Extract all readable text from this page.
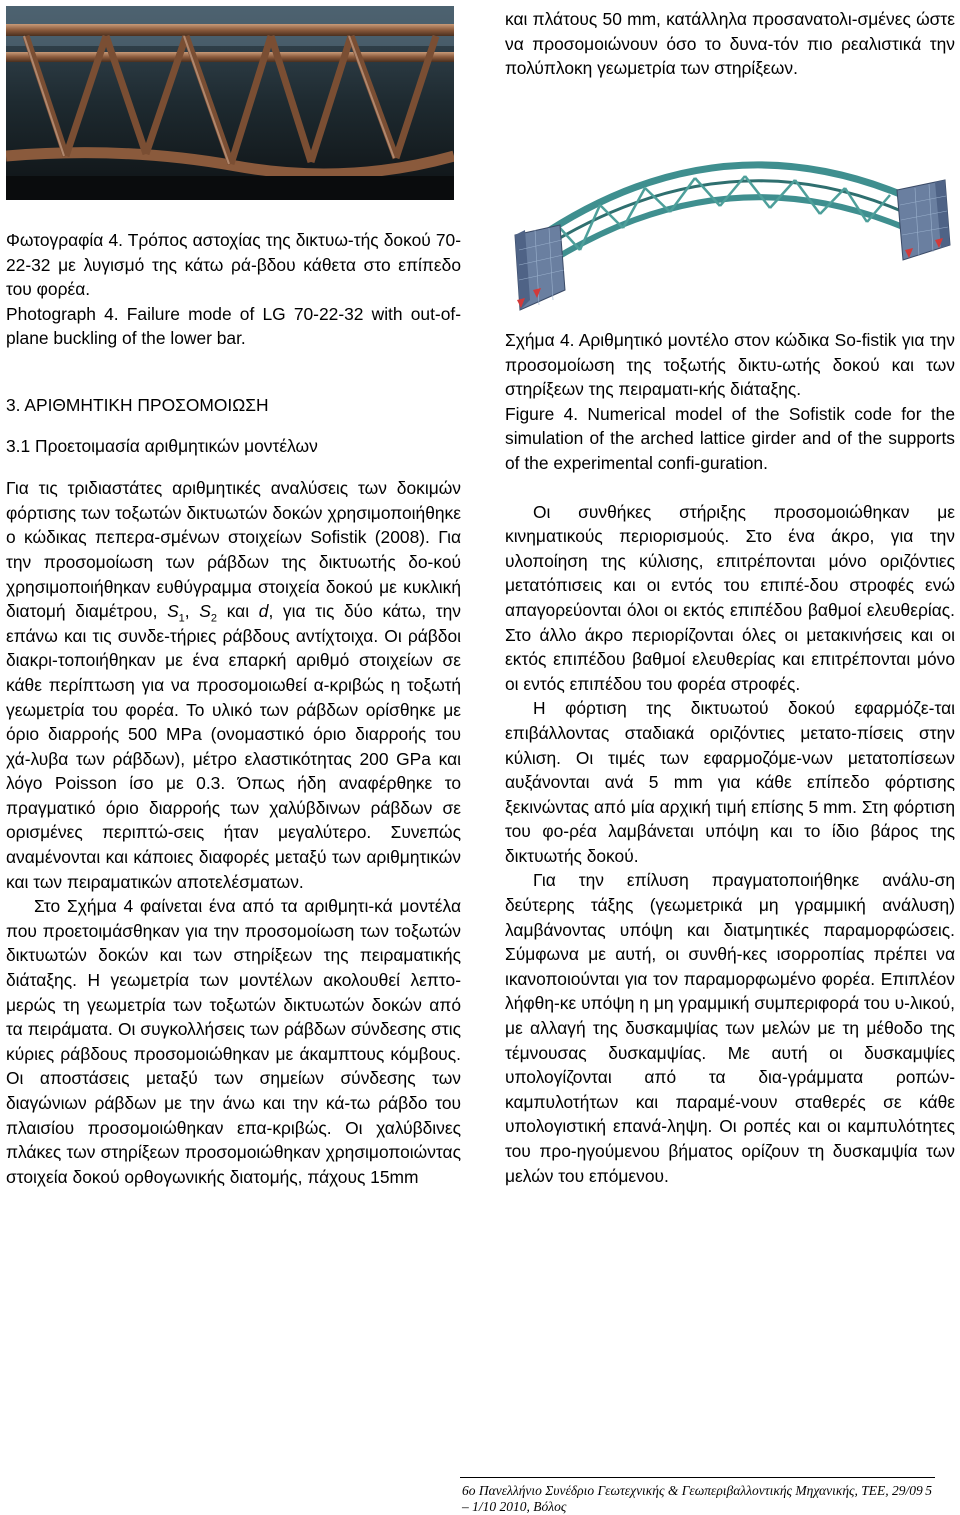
Φωτογραφία 4. Τρόπος αστοχίας της δικτυω-τής δοκού 70-22-32 με λυγισμό της κάτω ρά-βδου κάθετα στο επίπεδο του φορέα.

Photograph 4. Failure mode of LG 70-22-32 with out-of-plane buckling of the lower bar.

3. ΑΡΙΘΜΗΤΙΚΗ ΠΡΟΣΟΜΟΙΩΣΗ

3.1 Προετοιμασία αριθμητικών μοντέλων

Για τις τριδιαστάτες αριθμητικές αναλύσεις των δοκιμών φόρτισης των τοξωτών δικτυωτών δοκών χρησιμοποιήθηκε ο κώδικας πεπερα-σμένων στοιχείων Sofistik (2008). Για την προσομοίωση των ράβδων της δικτυωτής δο-κού χρησιμοποιήθηκαν ευθύγραμμα στοιχεία δοκού με κυκλική διατομή διαμέτρου, $S_1$, $S_2$ και d, για τις δύο κάτω, την επάνω και τις συνδε-τήριες ράβδους αντίχτοιχα. Οι ράβδοι διακρι-τοποιήθηκαν με ένα επαρκή αριθμό στοιχείων σε κάθε περίπτωση για να προσομοιωθεί α-κριβώς η τοξωτή γεωμετρία του φορέα. Το υλικό των ράβδων ορίσθηκε με όριο διαρροής 500 MPa (ονομαστικό όριο διαρροής του χά-λυβα των ράβδων), μέτρο ελαστικότητας 200 GPa και λόγο Poisson ίσο με 0.3. Όπως ήδη αναφέρθηκε το πραγματικό όριο διαρροής των χαλύβδινων ράβδων σε ορισμένες περιπτώ-σεις ήταν μεγαλύτερο. Συνεπώς αναμένονται και κάποιες διαφορές μεταξύ των αριθμητικών και των πειραματικών αποτελέσματων.

Στο Σχήμα 4 φαίνεται ένα από τα αριθμητι-κά μοντέλα που προετοιμάσθηκαν για την προσομοίωση των τοξωτών δικτυωτών δοκών και των στηρίξεων της πειραματικής διάταξης. Η γεωμετρία των μοντέλων ακολουθεί λεπτο-μερώς τη γεωμετρία των τοξωτών δικτυωτών δοκών από τα πειράματα. Οι συγκολλήσεις των ράβδων σύνδεσης στις κύριες ράβδους προσομοιώθηκαν με άκαμπτους κόμβους. Οι αποστάσεις μεταξύ των σημείων σύνδεσης των διαγώνιων ράβδων με την άνω και την κά-τω ράβδο του πλαισίου προσομοιώθηκαν επα-κριβώς. Οι χαλύβδινες πλάκες των στηρίξεων προσομοιώθηκαν χρησιμοποιώντας στοιχεία δοκού ορθογωνικής διατομής, πάχους 15mm

και πλάτους 50 mm, κατάλληλα προσανατολι-σμένες ώστε να προσομοιώνουν όσο το δυνα-τόν πιο ρεαλιστικά την πολύπλοκη γεωμετρία των στηρίξεων.

Σχήμα 4. Αριθμητικό μοντέλο στον κώδικα So-fistik για την προσομοίωση της τοξωτής δικτυ-ωτής δοκού και των στηρίξεων της πειραματι-κής διάταξης.

Figure 4. Numerical model of the Sofistik code for the simulation of the arched lattice girder and of the supports of the experimental confi-guration.

Οι συνθήκες στήριξης προσομοιώθηκαν με κινηματικούς περιορισμούς. Στο ένα άκρο, για την υλοποίηση της κύλισης, επιτρέπονται μόνο οριζόντιες μετατόπισεις και οι εντός του επιπέ-δου στροφές ενώ απαγορεύονται όλοι οι εκτός επιπέδου βαθμοί ελευθερίας. Στο άλλο άκρο περιορίζονται όλες οι μετακινήσεις και οι εκτός επιπέδου βαθμοί ελευθερίας και επιτρέπονται μόνο οι εντός επιπέδου του φορέα στροφές.

Η φόρτιση της δικτυωτού δοκού εφαρμόζε-ται επιβάλλοντας σταδιακά οριζόντιες μετατο-πίσεις στην κύλιση. Οι τιμές των εφαρμοζόμε-νων μετατοπίσεων αυξάνονται ανά 5 mm για κάθε επίπεδο φόρτισης ξεκινώντας από μία αρχική τιμή επίσης 5 mm. Στη φόρτιση του φο-ρέα λαμβάνεται υπόψη και το ίδιο βάρος της δικτυωτής δοκού.

Για την επίλυση πραγματοποιήθηκε ανάλυ-ση δεύτερης τάξης (γεωμετρικά μη γραμμική ανάλυση) λαμβάνοντας υπόψη και διατμητικές παραμορφώσεις. Σύμφωνα με αυτή, οι συνθή-κες ισορροπίας πρέπει να ικανοποιούνται για τον παραμορφωμένο φορέα. Επιπλέον λήφθη-κε υπόψη η μη γραμμική συμπεριφορά του υ-λικού, με αλλαγή της δυσκαμψίας των μελών με τη μέθοδο της τέμνουσας δυσκαμψίας. Με αυτή οι δυσκαμψίες υπολογίζονται από τα δια-γράμματα ροπών-καμπυλοτήτων και παραμέ-νουν σταθερές σε κάθε υπολογιστική επανά-ληψη. Οι ροπές και οι καμπυλότητες του προ-ηγούμενου βήματος ορίζουν τη δυσκαμψία των μελών του επόμενου.

6ο Πανελλήνιο Συνέδριο Γεωτεχνικής & Γεωπεριβαλλοντικής Μηχανικής, ΤΕΕ, 29/09 – 1/10 2010, Βόλος
5
